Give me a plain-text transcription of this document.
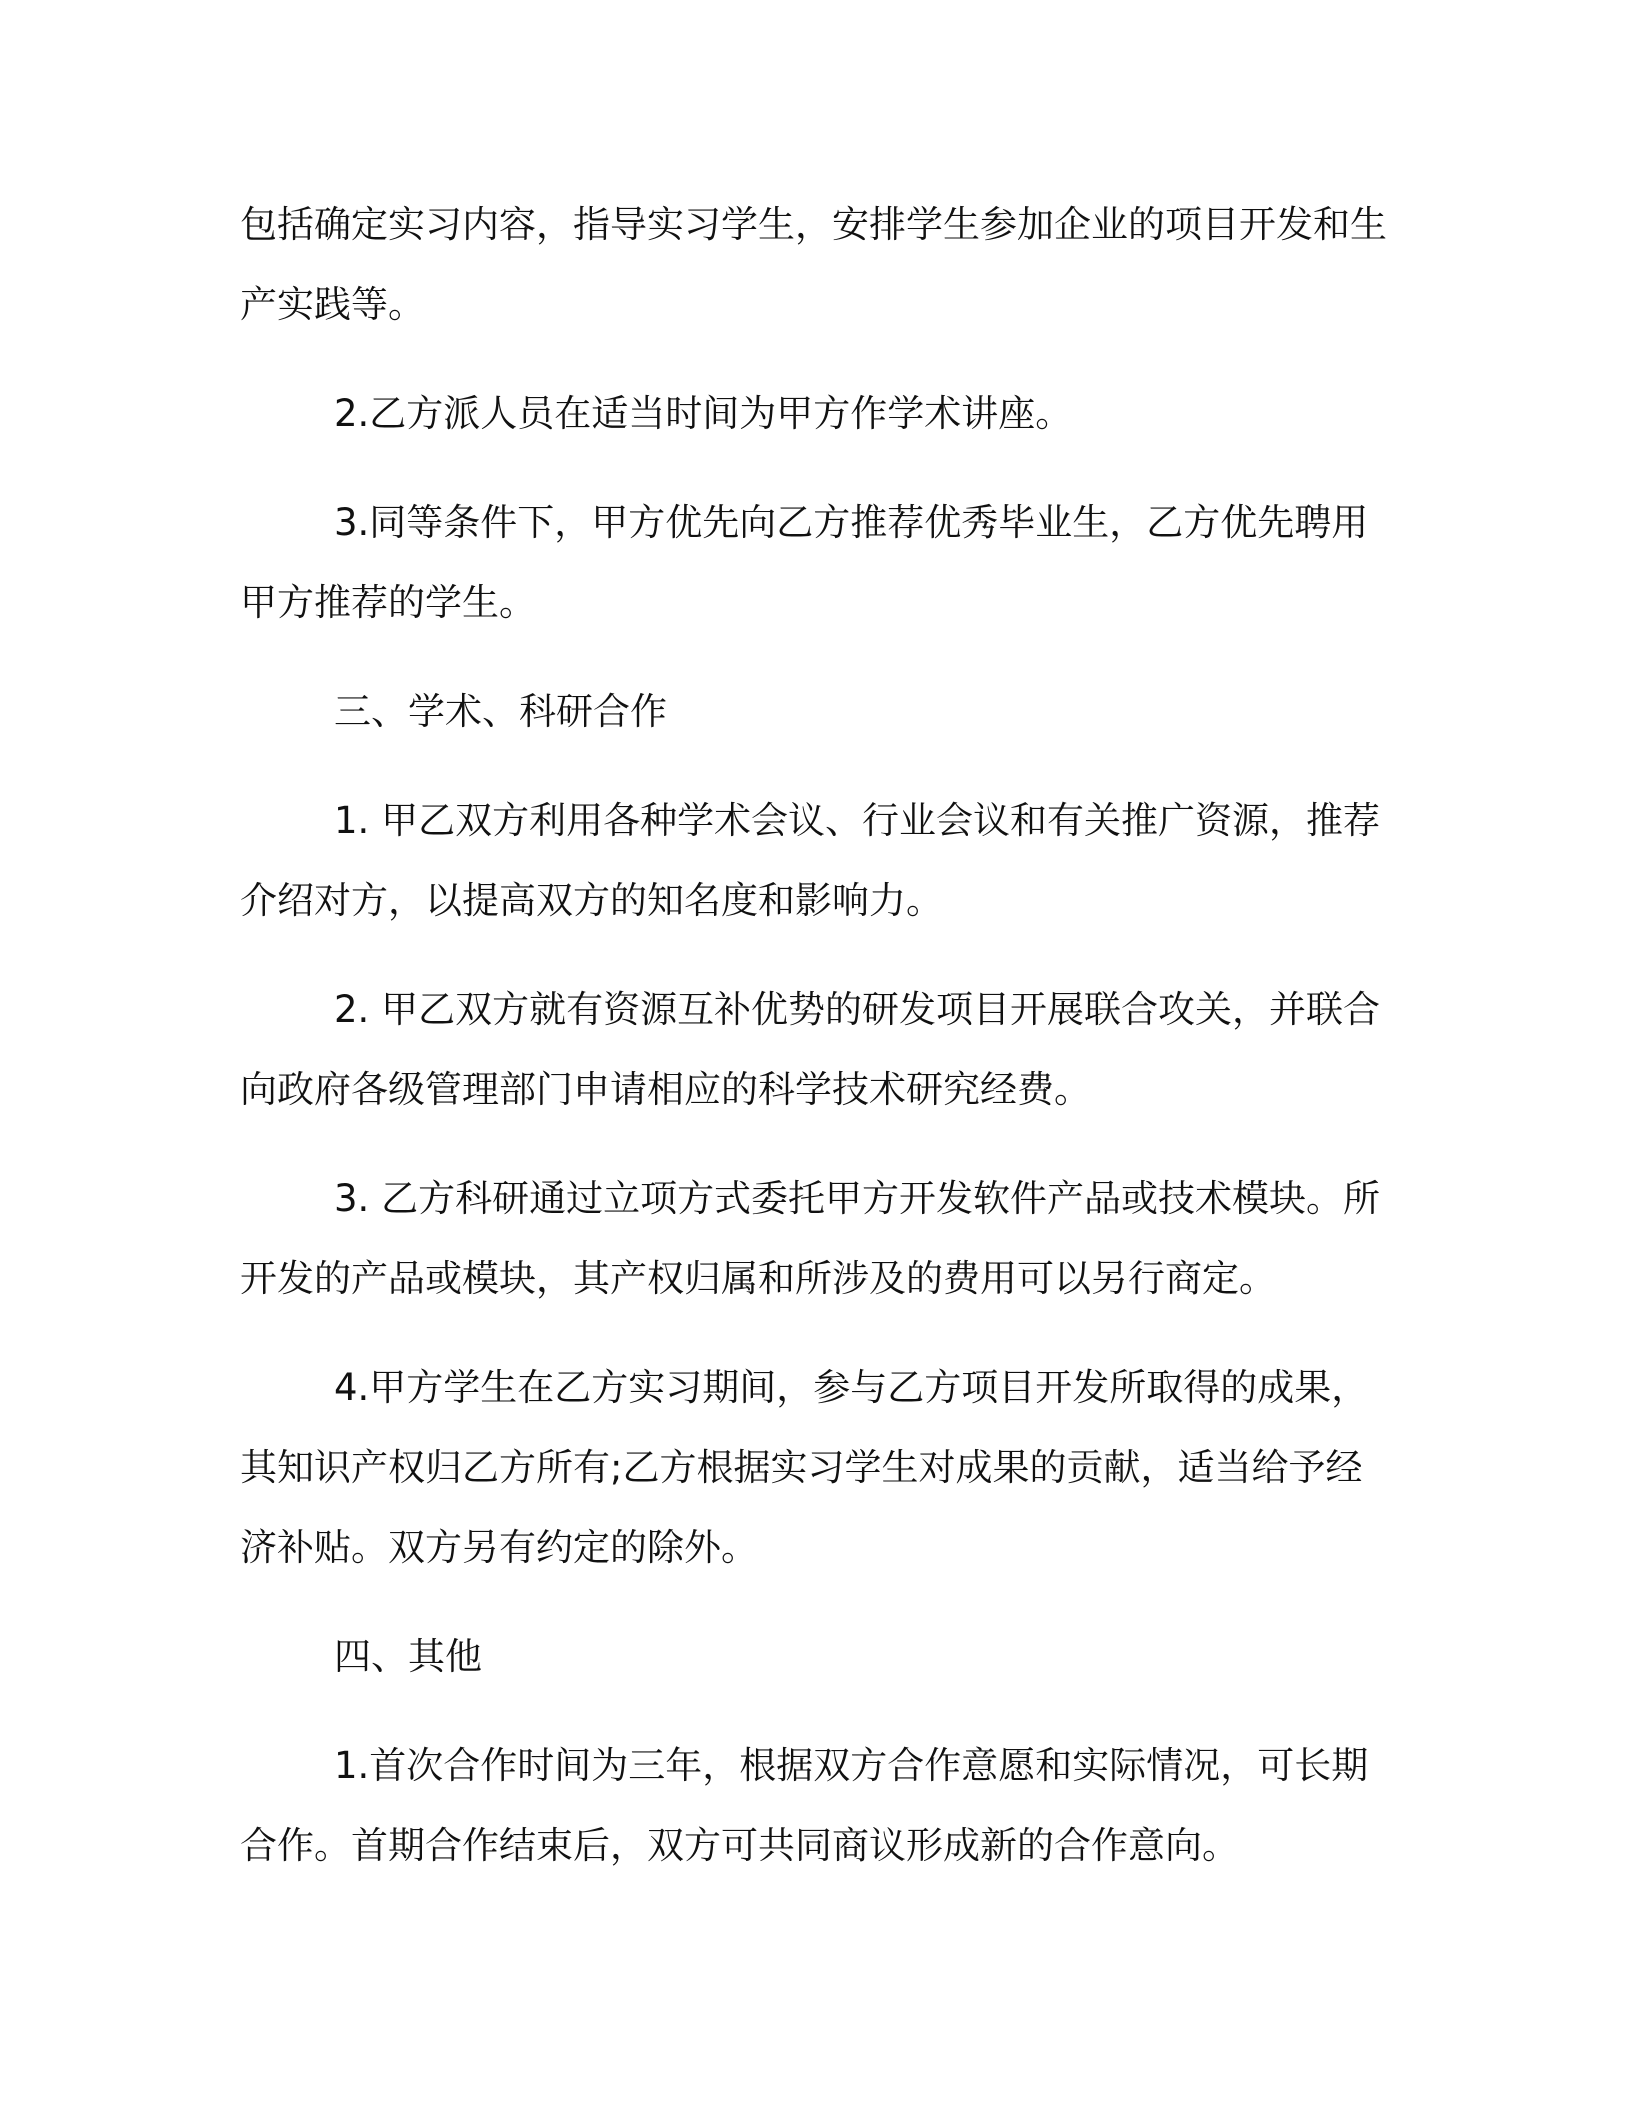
包括确定实习内容，指导实习学生，安排学生参加企业的项目开发和生产实践等。

2.乙方派人员在适当时间为甲方作学术讲座。

3.同等条件下，甲方优先向乙方推荐优秀毕业生，乙方优先聘用甲方推荐的学生。

三、学术、科研合作

1. 甲乙双方利用各种学术会议、行业会议和有关推广资源，推荐介绍对方，以提高双方的知名度和影响力。

2. 甲乙双方就有资源互补优势的研发项目开展联合攻关，并联合向政府各级管理部门申请相应的科学技术研究经费。

3. 乙方科研通过立项方式委托甲方开发软件产品或技术模块。所开发的产品或模块，其产权归属和所涉及的费用可以另行商定。

4.甲方学生在乙方实习期间，参与乙方项目开发所取得的成果，其知识产权归乙方所有;乙方根据实习学生对成果的贡献，适当给予经济补贴。双方另有约定的除外。

四、其他

1.首次合作时间为三年，根据双方合作意愿和实际情况，可长期合作。首期合作结束后，双方可共同商议形成新的合作意向。
